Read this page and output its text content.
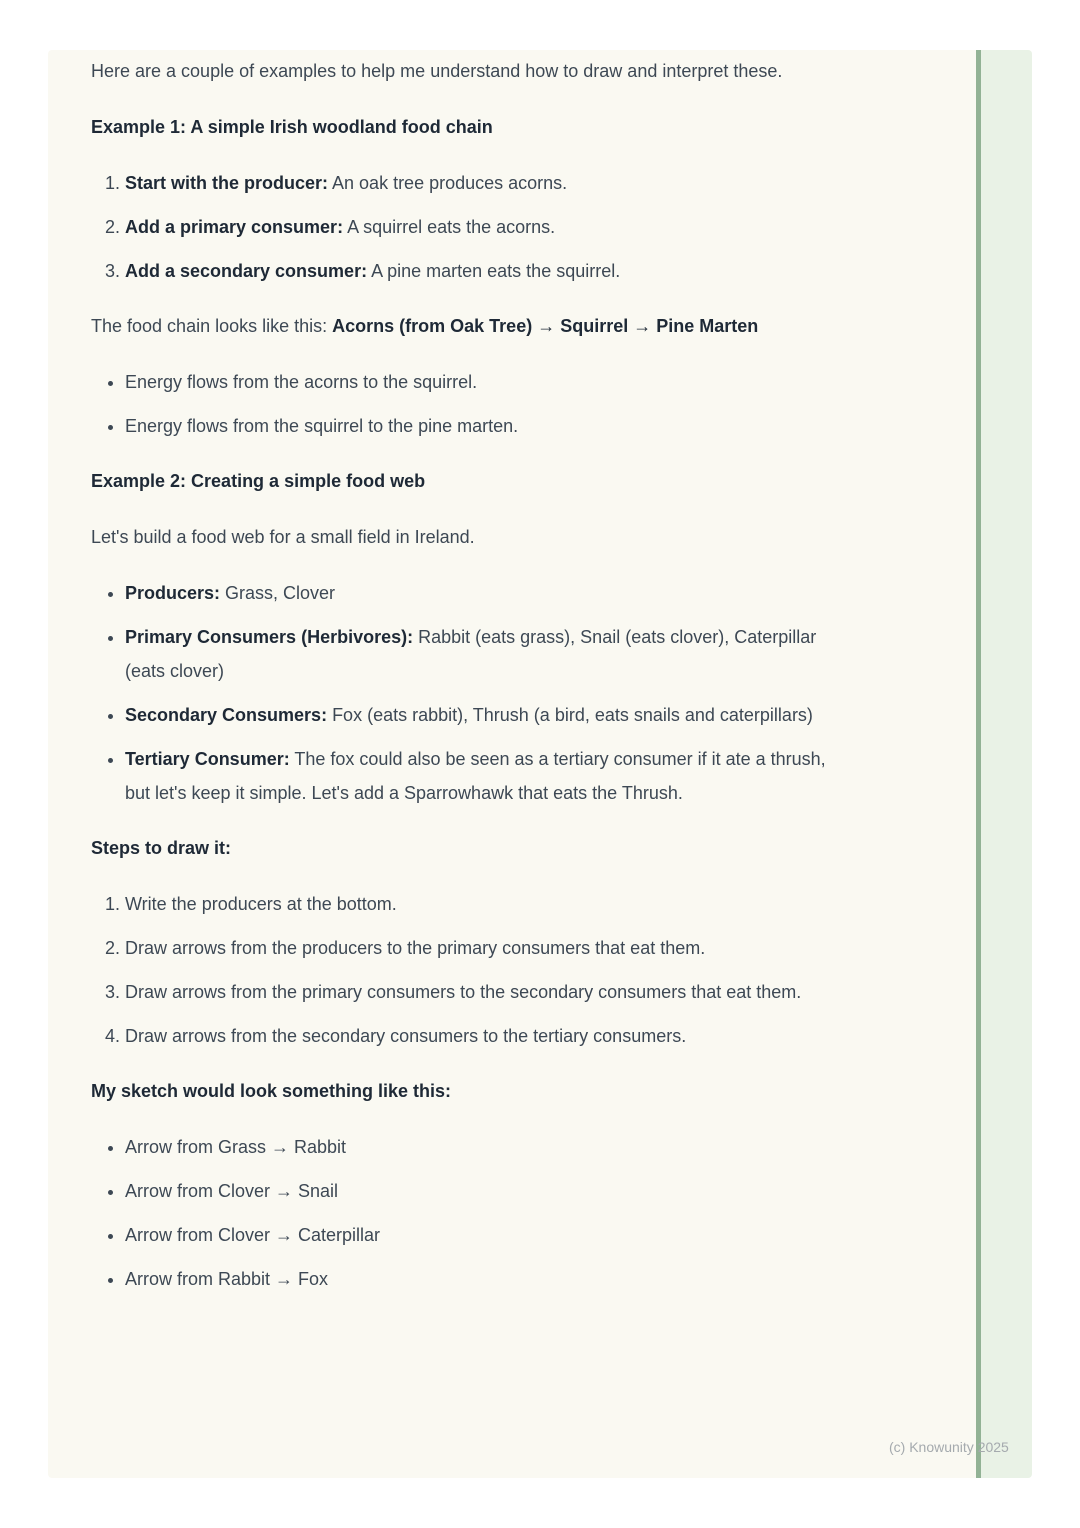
Here are a couple of examples to help me understand how to draw and interpret these.

Example 1: A simple Irish woodland food chain
1. Start with the producer: An oak tree produces acorns.
2. Add a primary consumer: A squirrel eats the acorns.
3. Add a secondary consumer: A pine marten eats the squirrel.

The food chain looks like this: Acorns (from Oak Tree) → Squirrel → Pine Marten

• Energy flows from the acorns to the squirrel.
• Energy flows from the squirrel to the pine marten.
Example 2: Creating a simple food web

Let's build a food web for a small field in Ireland.

• Producers: Grass, Clover
• Primary Consumers (Herbivores): Rabbit (eats grass), Snail (eats clover), Caterpillar (eats clover)
• Secondary Consumers: Fox (eats rabbit), Thrush (a bird, eats snails and caterpillars)
• Tertiary Consumer: The fox could also be seen as a tertiary consumer if it ate a thrush, but let's keep it simple. Let's add a Sparrowhawk that eats the Thrush.
Steps to draw it:
1. Write the producers at the bottom.
2. Draw arrows from the producers to the primary consumers that eat them.
3. Draw arrows from the primary consumers to the secondary consumers that eat them.
4. Draw arrows from the secondary consumers to the tertiary consumers.
My sketch would look something like this:
• Arrow from Grass → Rabbit
• Arrow from Clover → Snail
• Arrow from Clover → Caterpillar
• Arrow from Rabbit → Fox
(c) Knowunity 2025
